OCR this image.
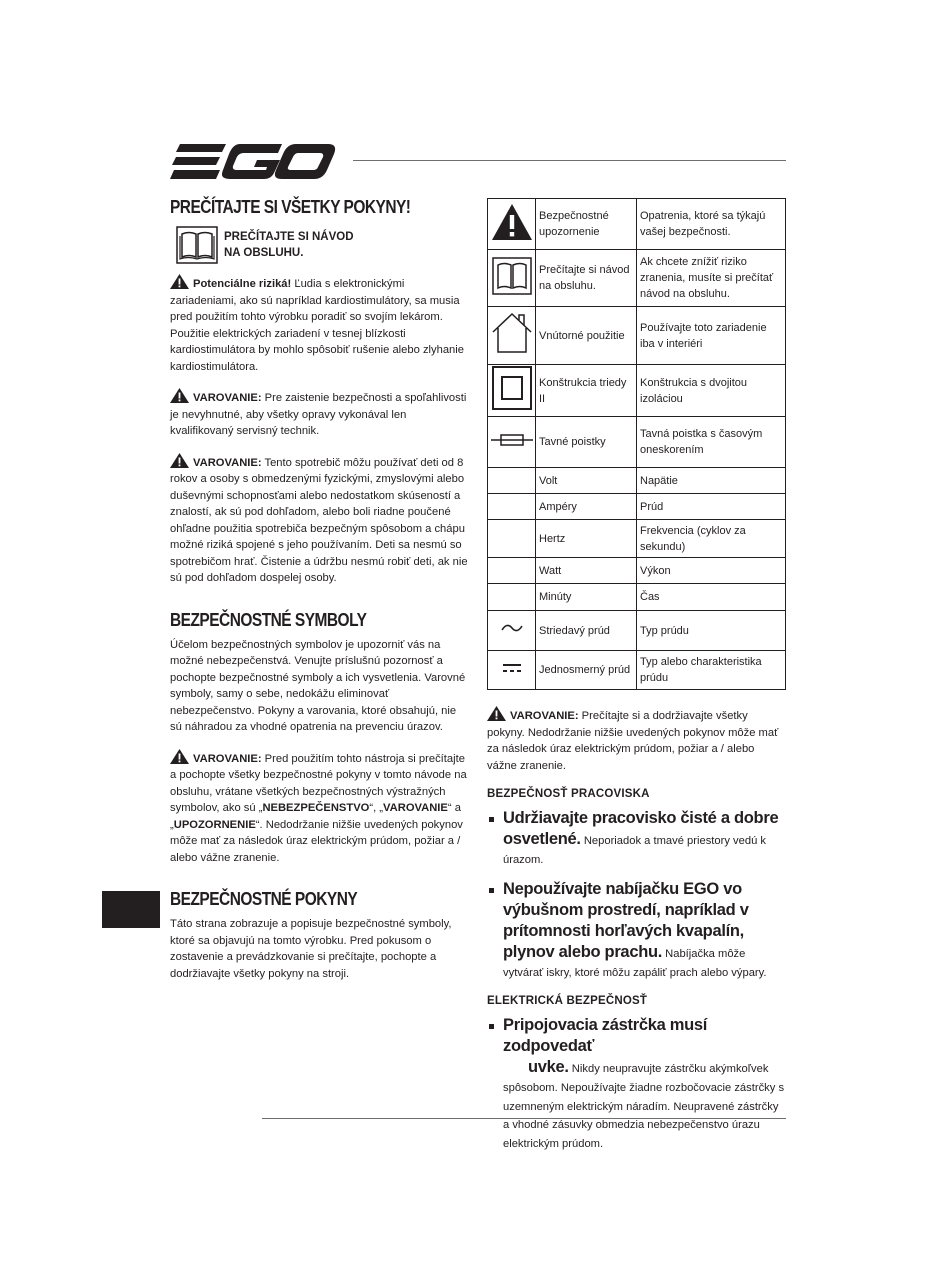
PREČÍTAJTE SI VŠETKY POKYNY!
PREČÍTAJTE SI NÁVOD
NA OBSLUHU.

Potenciálne riziká! Ľudia s elektronickými zariadeniami, ako sú napríklad kardiostimulátory, sa musia pred použitím tohto výrobku poradiť so svojím lekárom. Použitie elektrických zariadení v tesnej blízkosti kardiostimulátora by mohlo spôsobiť rušenie alebo zlyhanie kardiostimulátora.

VAROVANIE: Pre zaistenie bezpečnosti a spoľahlivosti je nevyhnutné, aby všetky opravy vykonával len kvalifikovaný servisný technik.

VAROVANIE: Tento spotrebič môžu používať deti od 8 rokov a osoby s obmedzenými fyzickými, zmyslovými alebo duševnými schopnosťami alebo nedostatkom skúseností a znalostí, ak sú pod dohľadom, alebo boli riadne poučené ohľadne použitia spotrebiča bezpečným spôsobom a chápu možné riziká spojené s jeho používaním. Deti sa nesmú so spotrebičom hrať. Čistenie a údržbu nesmú robiť deti, ak nie sú pod dohľadom dospelej osoby.

BEZPEČNOSTNÉ SYMBOLY

Účelom bezpečnostných symbolov je upozorniť vás na možné nebezpečenstvá. Venujte príslušnú pozornosť a pochopte bezpečnostné symboly a ich vysvetlenia. Varovné symboly, samy o sebe, nedokážu eliminovať nebezpečenstvo. Pokyny a varovania, ktoré obsahujú, nie sú náhradou za vhodné opatrenia na prevenciu úrazov.

VAROVANIE: Pred použitím tohto nástroja si prečítajte a pochopte všetky bezpečnostné pokyny v tomto návode na obsluhu, vrátane všetkých bezpečnostných výstražných symbolov, ako sú „NEBEZPEČENSTVO“, „VAROVANIE“ a „UPOZORNENIE“. Nedodržanie nižšie uvedených pokynov môže mať za následok úraz elektrickým prúdom, požiar a / alebo vážne zranenie.

BEZPEČNOSTNÉ POKYNY

Táto strana zobrazuje a popisuje bezpečnostné symboly, ktoré sa objavujú na tomto výrobku. Pred pokusom o zostavenie a prevádzkovanie si prečítajte, pochopte a dodržiavajte všetky pokyny na stroji.

	Bezpečnostné upozornenie	Opatrenia, ktoré sa týkajú vašej bezpečnosti.
	Prečítajte si návod na obsluhu.	Ak chcete znížiť riziko zranenia, musíte si prečítať návod na obsluhu.
	Vnútorné použitie	Používajte toto zariadenie iba v interiéri
	Konštrukcia triedy II	Konštrukcia s dvojitou izoláciou
	Tavné poistky	Tavná poistka s časovým oneskorením
	Volt	Napätie
	Ampéry	Prúd
	Hertz	Frekvencia (cyklov za sekundu)
	Watt	Výkon
	Minúty	Čas
	Striedavý prúd	Typ prúdu
	Jednosmerný prúd	Typ alebo charakteristika prúdu

VAROVANIE: Prečítajte si a dodržiavajte všetky pokyny. Nedodržanie nižšie uvedených pokynov môže mať za následok úraz elektrickým prúdom, požiar a / alebo vážne zranenie.

BEZPEČNOSŤ PRACOVISKA

Udržiavajte pracovisko čisté a dobre osvetlené. Neporiadok a tmavé priestory vedú k úrazom.
Nepoužívajte nabíjačku EGO vo výbušnom prostredí, napríklad v prítomnosti horľavých kvapalín, plynov alebo prachu. Nabíjačka môže vytvárať iskry, ktoré môžu zapáliť prach alebo výpary.

ELEKTRICKÁ BEZPEČNOSŤ

Pripojovacia zástrčka musí zodpovedať
uvke. Nikdy neupravujte zástrčku akýmkoľvek spôsobom. Nepoužívajte žiadne rozbočovacie zástrčky s uzemneným elektrickým náradím. Neupravené zástrčky a vhodné zásuvky obmedzia nebezpečenstvo úrazu elektrickým prúdom.
